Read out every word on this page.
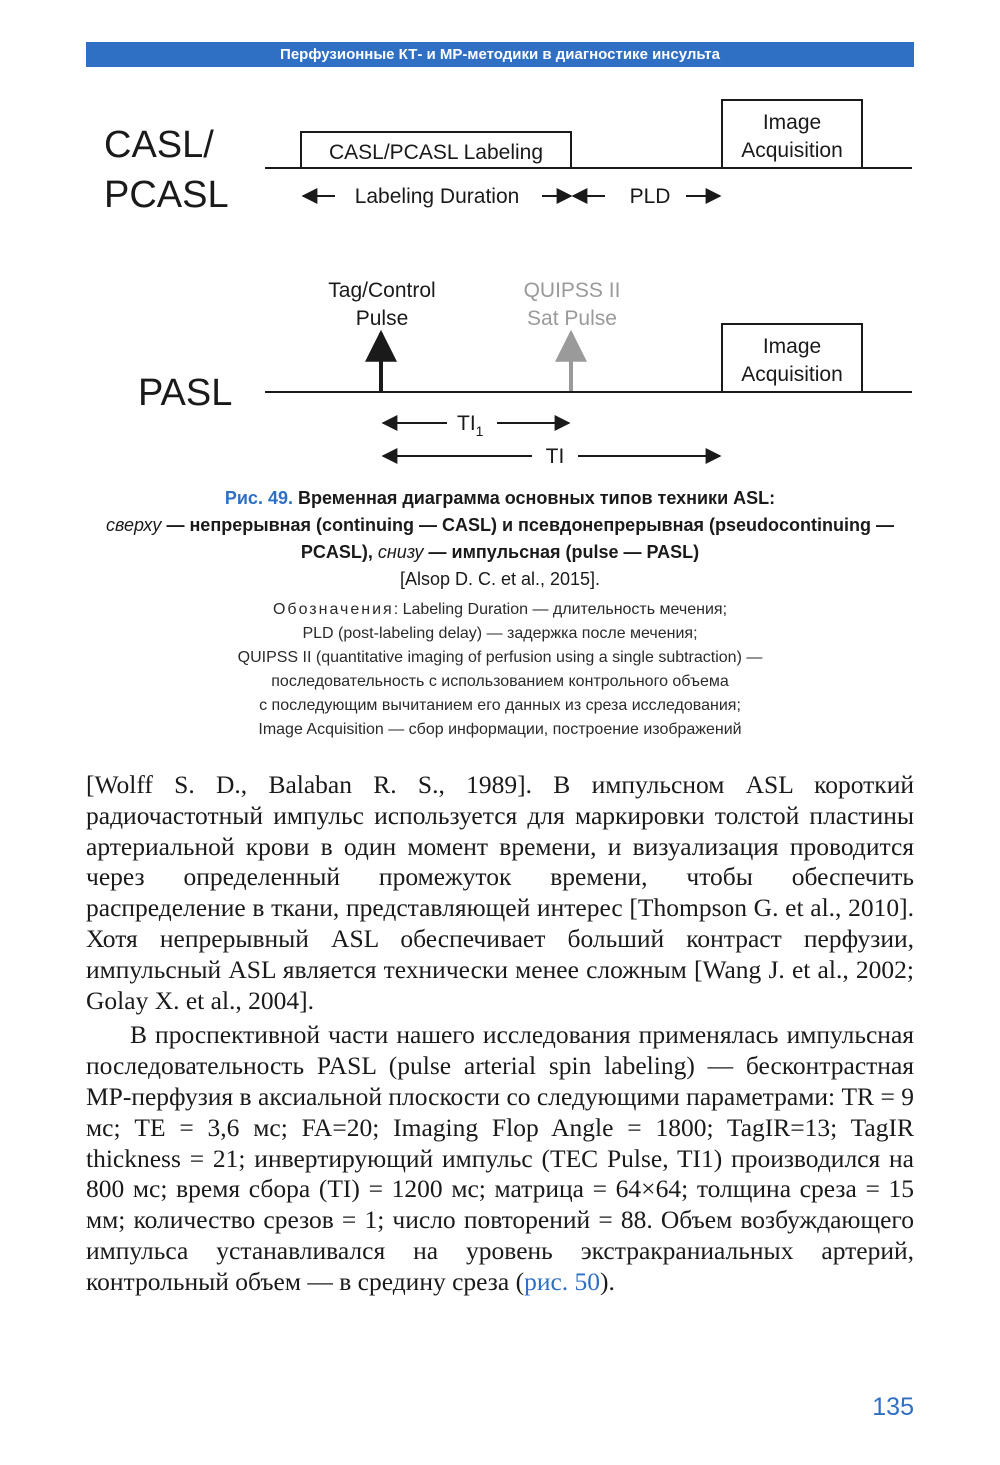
Перфузионные КТ- и МР-методики в диагностике инсульта
CASL/
PCASL
CASL/PCASL Labeling
Image
Acquisition
Labeling Duration	PLD
Tag/Control
Pulse
QUIPSS II
Sat Pulse
PASL
Image
Acquisition
$TI_1$
TI
Рис. 49. Временная диаграмма основных типов техники ASL:
сверху — непрерывная (continuing — CASL) и псевдонепрерывная (pseudocontinuing — PCASL), снизу — импульсная (pulse — PASL)
[Alsop D. C. et al., 2015].
Обозначения: Labeling Duration — длительность мечения;
PLD (post-labeling delay) — задержка после мечения;
QUIPSS II (quantitative imaging of perfusion using a single subtraction) —
последовательность с использованием контрольного объема
с последующим вычитанием его данных из среза исследования;
Image Acquisition — сбор информации, построение изображений

[Wolff S. D., Balaban R. S., 1989]. В импульсном ASL короткий радиочастотный импульс используется для маркировки толстой пластины артериальной крови в один момент времени, и визуализация проводится через определенный промежуток времени, чтобы обеспечить распределение в ткани, представляющей интерес [Thompson G. et al., 2010]. Хотя непрерывный ASL обеспечивает больший контраст перфузии, импульсный ASL является технически менее сложным [Wang J. et al., 2002; Golay X. et al., 2004].

В проспективной части нашего исследования применялась импульсная последовательность PASL (pulse arterial spin labeling) — бесконтрастная МР-перфузия в аксиальной плоскости со следующими параметрами: TR = 9 мс; TE = 3,6 мс; FA=20; Imaging Flop Angle = 1800; TagIR=13; TagIR thickness = 21; инвертирующий импульс (TEC Pulse, TI1) производился на 800 мс; время сбора (TI) = 1200 мс; матрица = 64×64; толщина среза = 15 мм; количество срезов = 1; число повторений = 88. Объем возбуждающего импульса устанавливался на уровень экстракраниальных артерий, контрольный объем — в средину среза (рис. 50).

135
